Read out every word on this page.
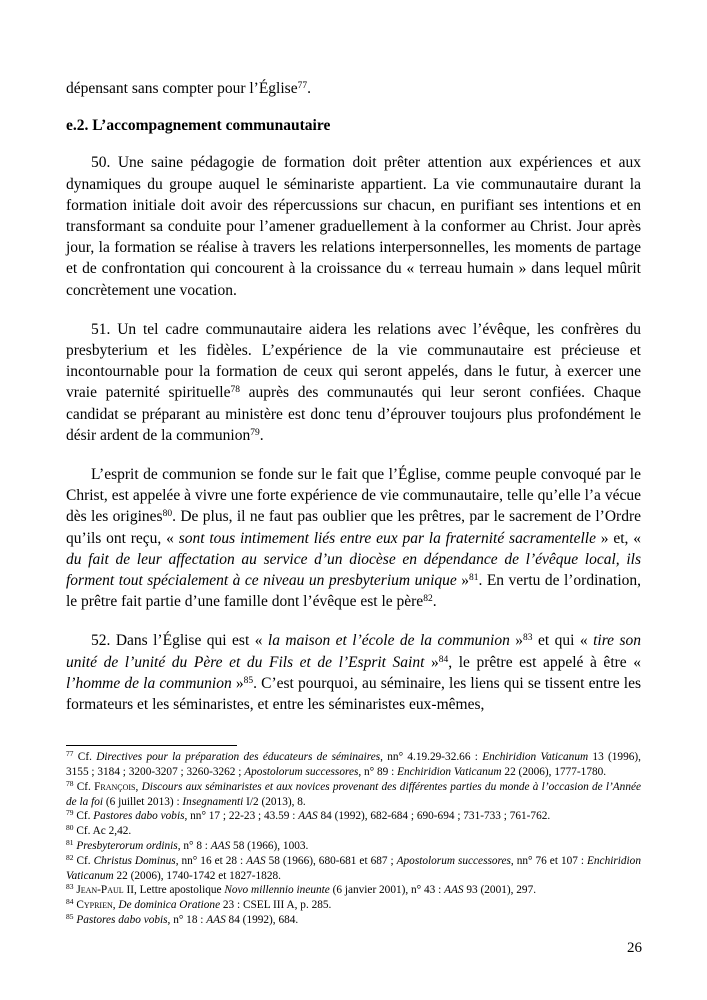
dépensant sans compter pour l’Église$^{77}$.

e.2. L’accompagnement communautaire

50. Une saine pédagogie de formation doit prêter attention aux expériences et aux dynamiques du groupe auquel le séminariste appartient. La vie communautaire durant la formation initiale doit avoir des répercussions sur chacun, en purifiant ses intentions et en transformant sa conduite pour l’amener graduellement à la conformer au Christ. Jour après jour, la formation se réalise à travers les relations interpersonnelles, les moments de partage et de confrontation qui concourent à la croissance du « terreau humain » dans lequel mûrit concrètement une vocation.

51. Un tel cadre communautaire aidera les relations avec l’évêque, les confrères du presbyterium et les fidèles. L’expérience de la vie communautaire est précieuse et incontournable pour la formation de ceux qui seront appelés, dans le futur, à exercer une vraie paternité spirituelle$^{78}$ auprès des communautés qui leur seront confiées. Chaque candidat se préparant au ministère est donc tenu d’éprouver toujours plus profondément le désir ardent de la communion$^{79}$.

L’esprit de communion se fonde sur le fait que l’Église, comme peuple convoqué par le Christ, est appelée à vivre une forte expérience de vie communautaire, telle qu’elle l’a vécue dès les origines$^{80}$. De plus, il ne faut pas oublier que les prêtres, par le sacrement de l’Ordre qu’ils ont reçu, « sont tous intimement liés entre eux par la fraternité sacramentelle » et, « du fait de leur affectation au service d’un diocèse en dépendance de l’évêque local, ils forment tout spécialement à ce niveau un presbyterium unique »$^{81}$. En vertu de l’ordination, le prêtre fait partie d’une famille dont l’évêque est le père$^{82}$.

52. Dans l’Église qui est « la maison et l’école de la communion »$^{83}$ et qui « tire son unité de l’unité du Père et du Fils et de l’Esprit Saint »$^{84}$, le prêtre est appelé à être « l’homme de la communion »$^{85}$. C’est pourquoi, au séminaire, les liens qui se tissent entre les formateurs et les séminaristes, et entre les séminaristes eux-mêmes,

$^{77}$ Cf. Directives pour la préparation des éducateurs de séminaires, nn° 4.19.29-32.66 : Enchiridion Vaticanum 13 (1996), 3155 ; 3184 ; 3200-3207 ; 3260-3262 ; Apostolorum successores, n° 89 : Enchiridion Vaticanum 22 (2006), 1777-1780.

$^{78}$ Cf. François, Discours aux séminaristes et aux novices provenant des différentes parties du monde à l’occasion de l’Année de la foi (6 juillet 2013) : Insegnamenti I/2 (2013), 8.

$^{79}$ Cf. Pastores dabo vobis, nn° 17 ; 22-23 ; 43.59 : AAS 84 (1992), 682-684 ; 690-694 ; 731-733 ; 761-762.

$^{80}$ Cf. Ac 2,42.

$^{81}$ Presbyterorum ordinis, n° 8 : AAS 58 (1966), 1003.

$^{82}$ Cf. Christus Dominus, nn° 16 et 28 : AAS 58 (1966), 680-681 et 687 ; Apostolorum successores, nn° 76 et 107 : Enchiridion Vaticanum 22 (2006), 1740-1742 et 1827-1828.

$^{83}$ Jean-Paul II, Lettre apostolique Novo millennio ineunte (6 janvier 2001), n° 43 : AAS 93 (2001), 297.

$^{84}$ Cyprien, De dominica Oratione 23 : CSEL III A, p. 285.

$^{85}$ Pastores dabo vobis, n° 18 : AAS 84 (1992), 684.

26
